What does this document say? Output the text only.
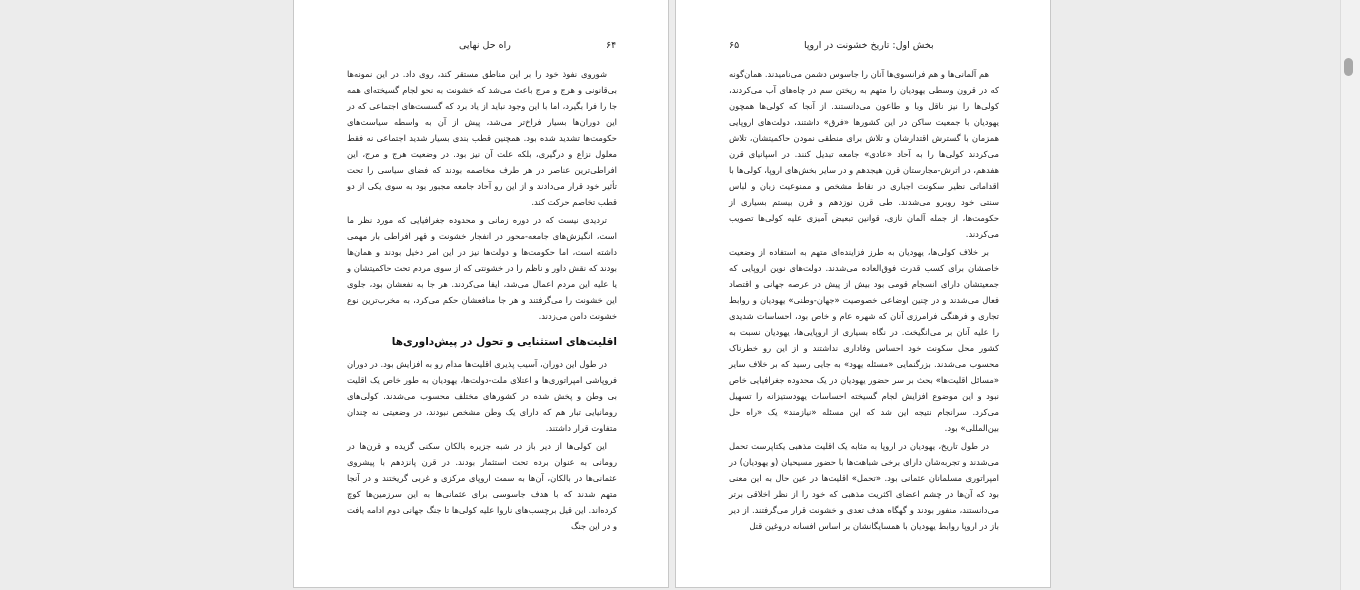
راه حل نهایی	۶۴

شوروی نفوذ خود را بر این مناطق مستقر کند، روی داد. در این نمونه‌ها بی‌قانونی و هرج و مرج باعث می‌شد که خشونت به نحو لجام گسیخته‌ای همه جا را فرا بگیرد، اما با این وجود نباید از یاد برد که گسست‌های اجتماعی که در این دوران‌ها بسیار فراخ‌تر می‌شد، پیش از آن به واسطه سیاست‌های حکومت‌ها تشدید شده بود. همچنین قطب بندی بسیار شدید اجتماعی نه فقط معلول نزاع و درگیری، بلکه علت آن نیز بود. در وضعیت هرج و مرج، این افراطی‌ترین عناصر در هر طرف مخاصمه بودند که فضای سیاسی را تحت تأثیر خود قرار می‌دادند و از این رو آحاد جامعه مجبور بود به سوی یکی از دو قطب تخاصم حرکت کند.

تردیدی نیست که در دوره زمانی و محدوده جغرافیایی که مورد نظر ما است، انگیزش‌های جامعه-محور در انفجار خشونت و قهر افراطی بار مهمی داشته است، اما حکومت‌ها و دولت‌ها نیز در این امر دخیل بودند و همان‌ها بودند که نقش داور و ناظم را در خشونتی که از سوی مردم تحت حاکمیتشان و یا علیه این مردم اعمال می‌شد، ایفا می‌کردند. هر جا به نفعشان بود، جلوی این خشونت را می‌گرفتند و هر جا منافعشان حکم می‌کرد، به مخرب‌ترین نوع خشونت دامن می‌زدند.

اقلیت‌های استثنایی و تحول در پیش‌داوری‌ها

در طول این دوران، آسیب پذیری اقلیت‌ها مدام رو به افزایش بود. در دوران فروپاشی امپراتوری‌ها و اعتلای ملت-دولت‌ها، یهودیان به طور خاص یک اقلیت بی وطن و پخش شده در کشورهای مختلف محسوب می‌شدند. کولی‌های رومانیایی تبار هم که دارای یک وطن مشخص نبودند، در وضعیتی نه چندان متفاوت قرار داشتند.

این کولی‌ها از دیر باز در شبه جزیره بالکان سکنی گزیده و قرن‌ها در رومانی به عنوان برده تحت استثمار بودند. در قرن پانزدهم با پیشروی عثمانی‌ها در بالکان، آن‌ها به سمت اروپای مرکزی و غربی گریختند و در آنجا متهم شدند که با هدف جاسوسی برای عثمانی‌ها به این سرزمین‌ها کوچ کرده‌اند. این قیل برچسب‌های ناروا علیه کولی‌ها تا جنگ جهانی دوم ادامه یافت و در این جنگ

۶۵	بخش اول: تاریخ خشونت در اروپا

هم آلمانی‌ها و هم فرانسوی‌ها آنان را جاسوس دشمن می‌نامیدند. همان‌گونه که در قرون وسطی یهودیان را متهم به ریختن سم در چاه‌های آب می‌کردند، کولی‌ها را نیز ناقل وبا و طاعون می‌دانستند. از آنجا که کولی‌ها همچون یهودیان با جمعیت ساکن در این کشورها «فرق» داشتند، دولت‌های اروپایی همزمان با گسترش اقتدارشان و تلاش برای منطقی نمودن حاکمیتشان، تلاش می‌کردند کولی‌ها را به آحاد «عادی» جامعه تبدیل کنند. در اسپانیای قرن هفدهم، در اترش-مجارستان قرن هیجدهم و در سایر بخش‌های اروپا، کولی‌ها با اقداماتی نظیر سکونت اجباری در نقاط مشخص و ممنوعیت زبان و لباس سنتی خود روبرو می‌شدند. طی قرن نوزدهم و قرن بیستم بسیاری از حکومت‌ها، از جمله آلمان نازی، قوانین تبعیض آمیزی علیه کولی‌ها تصویب می‌کردند.

بر خلاف کولی‌ها، یهودیان به طرز فزاینده‌ای متهم به استفاده از وضعیت خاصشان برای کسب قدرت فوق‌العاده می‌شدند. دولت‌های نوین اروپایی که جمعیتشان دارای انسجام قومی بود بیش از پیش در عرصه جهانی و اقتصاد فعال می‌شدند و در چنین اوضاعی خصوصیت «جهان-وطنی» یهودیان و روابط تجاری و فرهنگی فرامرزی آنان که شهره عام و خاص بود، احساسات شدیدی را علیه آنان بر می‌انگیخت. در نگاه بسیاری از اروپایی‌ها، یهودیان نسبت به کشور محل سکونت خود احساس وفاداری نداشتند و از این رو خطرناک محسوب می‌شدند. بزرگنمایی «مسئله یهود» به جایی رسید که بر خلاف سایر «مسائل اقلیت‌ها» بحث بر سر حضور یهودیان در یک محدوده جغرافیایی خاص نبود و این موضوع افزایش لجام گسیخته احساسات یهودستیزانه را تسهیل می‌کرد. سرانجام نتیجه این شد که این مسئله «نیازمند» یک «راه حل بین‌المللی» بود.

در طول تاریخ، یهودیان در اروپا به مثابه یک اقلیت مذهبی یکتاپرست تحمل می‌شدند و تجربه‌شان دارای برخی شباهت‌ها با حضور مسیحیان (و یهودیان) در امپراتوری مسلمانان عثمانی بود. «تحمل» اقلیت‌ها در عین حال به این معنی بود که آن‌ها در چشم اعضای اکثریت مذهبی که خود را از نظر اخلاقی برتر می‌دانستند، منفور بودند و گهگاه هدف تعدی و خشونت قرار می‌گرفتند. از دیر باز در اروپا روابط یهودیان با همسایگانشان بر اساس افسانه دروغین قتل
